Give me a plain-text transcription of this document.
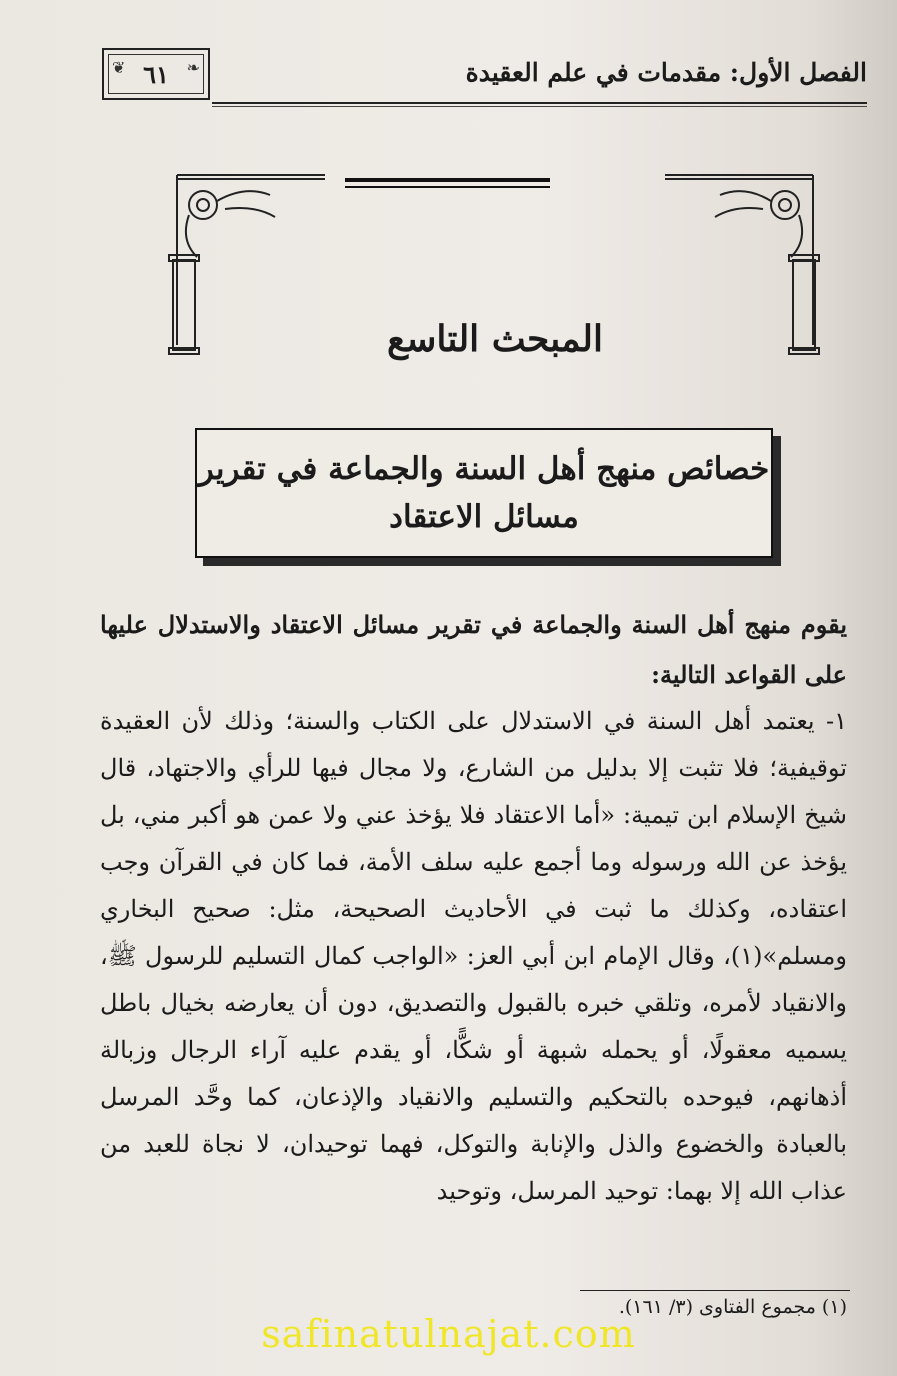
الفصل الأول: مقدمات في علم العقيدة
❦ ٦١ ❧
المبحث التاسع
خصائص منهج أهل السنة والجماعة في تقرير
مسائل الاعتقاد
يقوم منهج أهل السنة والجماعة في تقرير مسائل الاعتقاد والاستدلال عليها على القواعد التالية:

١- يعتمد أهل السنة في الاستدلال على الكتاب والسنة؛ وذلك لأن العقيدة توقيفية؛ فلا تثبت إلا بدليل من الشارع، ولا مجال فيها للرأي والاجتهاد، قال شيخ الإسلام ابن تيمية: «أما الاعتقاد فلا يؤخذ عني ولا عمن هو أكبر مني، بل يؤخذ عن الله ورسوله وما أجمع عليه سلف الأمة، فما كان في القرآن وجب اعتقاده، وكذلك ما ثبت في الأحاديث الصحيحة، مثل: صحيح البخاري ومسلم»(١)، وقال الإمام ابن أبي العز: «الواجب كمال التسليم للرسول ﷺ، والانقياد لأمره، وتلقي خبره بالقبول والتصديق، دون أن يعارضه بخيال باطل يسميه معقولًا، أو يحمله شبهة أو شكًّا، أو يقدم عليه آراء الرجال وزبالة أذهانهم، فيوحده بالتحكيم والتسليم والانقياد والإذعان، كما وحَّد المرسل بالعبادة والخضوع والذل والإنابة والتوكل، فهما توحيدان، لا نجاة للعبد من عذاب الله إلا بهما: توحيد المرسل، وتوحيد

(١) مجموع الفتاوى (٣/ ١٦١).
safinatulnajat.com
